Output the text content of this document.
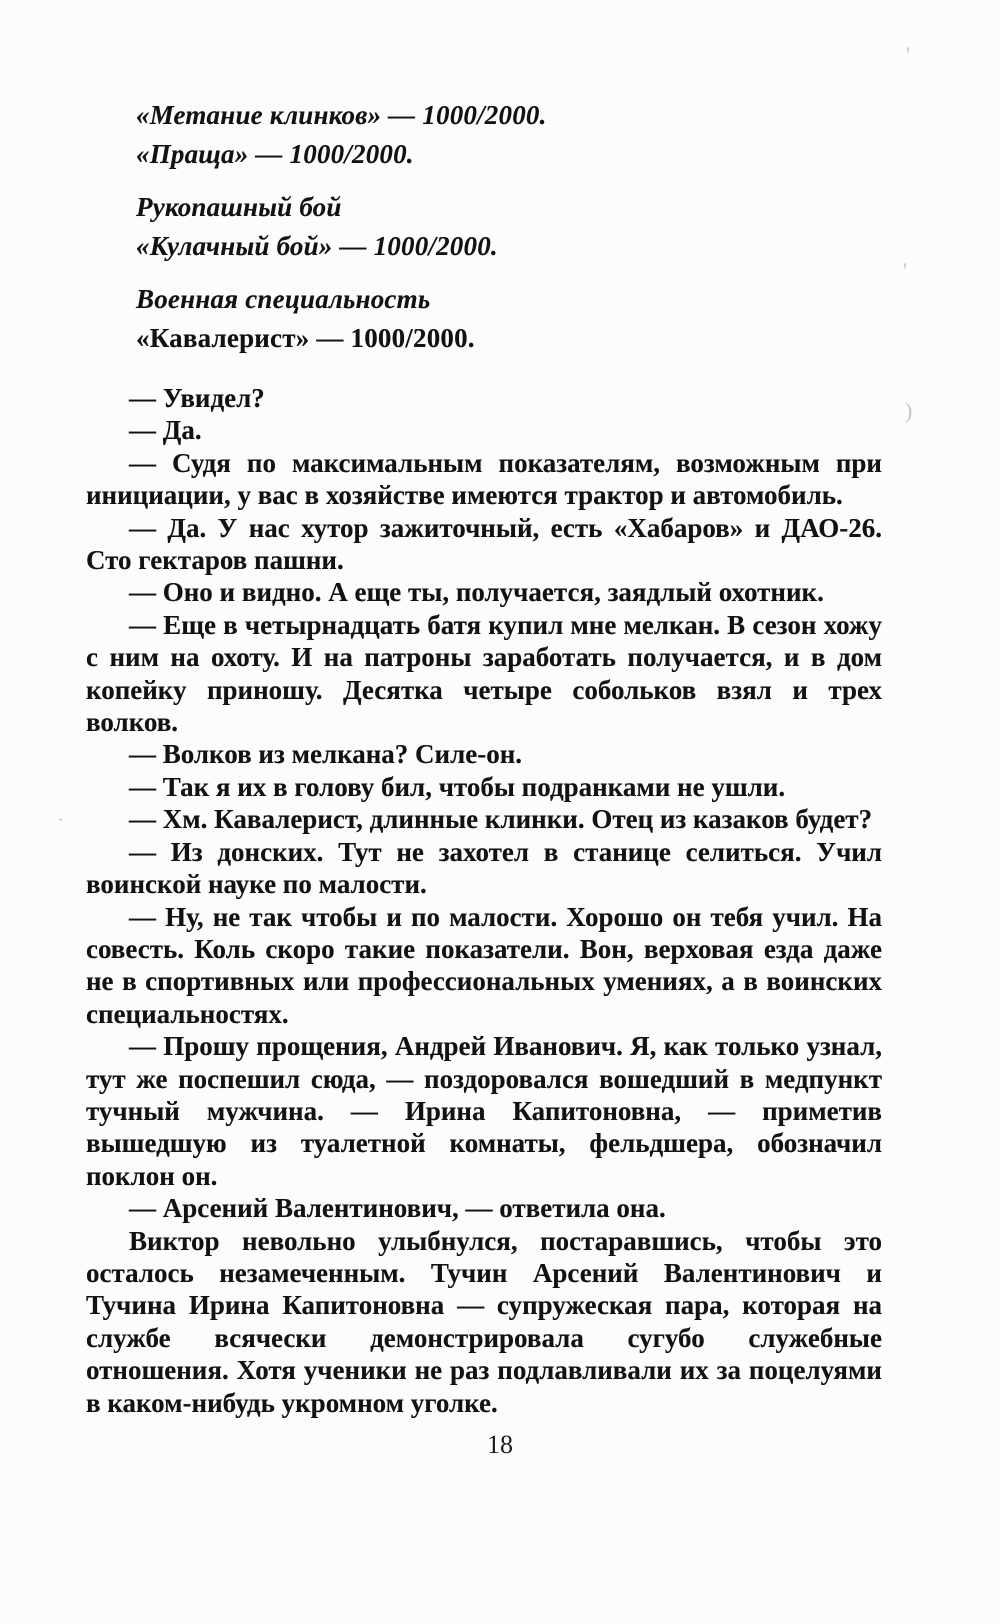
'
'
)
·

«Метание клинков» — 1000/2000.

«Праща» — 1000/2000.

Рукопашный бой

«Кулачный бой» — 1000/2000.

Военная специальность

«Кавалерист» — 1000/2000.

— Увидел?

— Да.

— Судя по максимальным показателям, возможным при инициации, у вас в хозяйстве имеются трактор и автомобиль.

— Да. У нас хутор зажиточный, есть «Хабаров» и ДАО-26. Сто гектаров пашни.

— Оно и видно. А еще ты, получается, заядлый охотник.

— Еще в четырнадцать батя купил мне мелкан. В сезон хожу с ним на охоту. И на патроны заработать получается, и в дом копейку приношу. Десятка четыре собольков взял и трех волков.

— Волков из мелкана? Силе-он.

— Так я их в голову бил, чтобы подранками не ушли.

— Хм. Кавалерист, длинные клинки. Отец из казаков будет?

— Из донских. Тут не захотел в станице селиться. Учил воинской науке по малости.

— Ну, не так чтобы и по малости. Хорошо он тебя учил. На совесть. Коль скоро такие показатели. Вон, верховая езда даже не в спортивных или профессиональных умениях, а в воинских специальностях.

— Прошу прощения, Андрей Иванович. Я, как только узнал, тут же поспешил сюда, — поздоровался вошедший в медпункт тучный мужчина. — Ирина Капитоновна, — приметив вышедшую из туалетной комнаты, фельдшера, обозначил поклон он.

— Арсений Валентинович, — ответила она.

Виктор невольно улыбнулся, постаравшись, чтобы это осталось незамеченным. Тучин Арсений Валентинович и Тучина Ирина Капитоновна — супружеская пара, которая на службе всячески демонстрировала сугубо служебные отношения. Хотя ученики не раз подлавливали их за поцелуями в каком-нибудь укромном уголке.

18
